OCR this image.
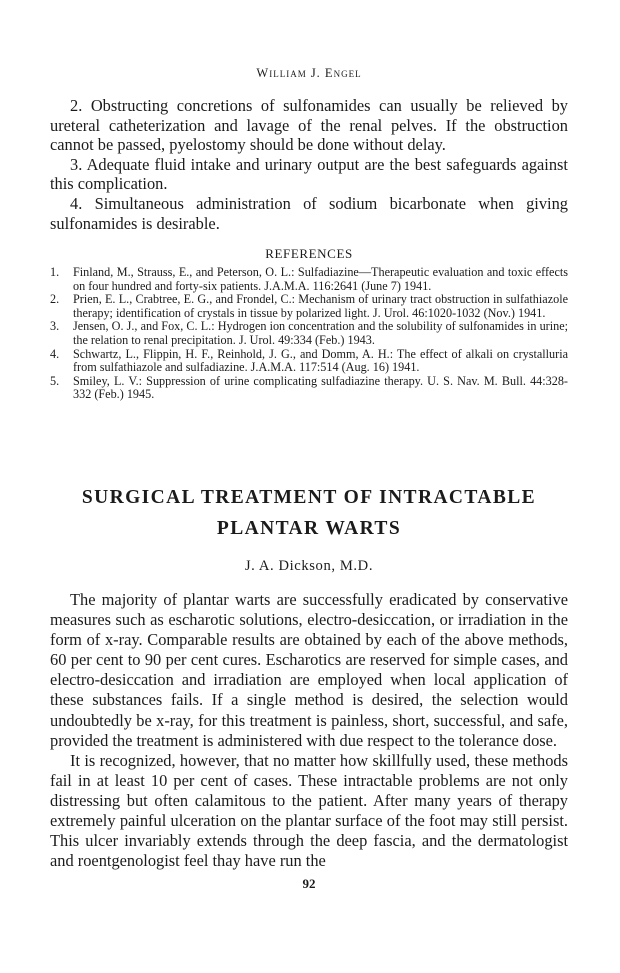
William J. Engel

2. Obstructing concretions of sulfonamides can usually be relieved by ureteral catheterization and lavage of the renal pelves. If the obstruction cannot be passed, pyelostomy should be done without delay.

3. Adequate fluid intake and urinary output are the best safeguards against this complication.

4. Simultaneous administration of sodium bicarbonate when giving sulfonamides is desirable.

REFERENCES
1. Finland, M., Strauss, E., and Peterson, O. L.: Sulfadiazine—Therapeutic evaluation and toxic effects on four hundred and forty-six patients. J.A.M.A. 116:2641 (June 7) 1941.
2. Prien, E. L., Crabtree, E. G., and Frondel, C.: Mechanism of urinary tract obstruction in sulfathiazole therapy; identification of crystals in tissue by polarized light. J. Urol. 46:1020-1032 (Nov.) 1941.
3. Jensen, O. J., and Fox, C. L.: Hydrogen ion concentration and the solubility of sulfonamides in urine; the relation to renal precipitation. J. Urol. 49:334 (Feb.) 1943.
4. Schwartz, L., Flippin, H. F., Reinhold, J. G., and Domm, A. H.: The effect of alkali on crystalluria from sulfathiazole and sulfadiazine. J.A.M.A. 117:514 (Aug. 16) 1941.
5. Smiley, L. V.: Suppression of urine complicating sulfadiazine therapy. U. S. Nav. M. Bull. 44:328-332 (Feb.) 1945.
SURGICAL TREATMENT OF INTRACTABLE
PLANTAR WARTS
J. A. Dickson, M.D.

The majority of plantar warts are successfully eradicated by conservative measures such as escharotic solutions, electro-desiccation, or irradiation in the form of x-ray. Comparable results are obtained by each of the above methods, 60 per cent to 90 per cent cures. Escharotics are reserved for simple cases, and electro-desiccation and irradiation are employed when local application of these substances fails. If a single method is desired, the selection would undoubtedly be x-ray, for this treatment is painless, short, successful, and safe, provided the treatment is administered with due respect to the tolerance dose.

It is recognized, however, that no matter how skillfully used, these methods fail in at least 10 per cent of cases. These intractable problems are not only distressing but often calamitous to the patient. After many years of therapy extremely painful ulceration on the plantar surface of the foot may still persist. This ulcer invariably extends through the deep fascia, and the dermatologist and roentgenologist feel thay have run the

92
